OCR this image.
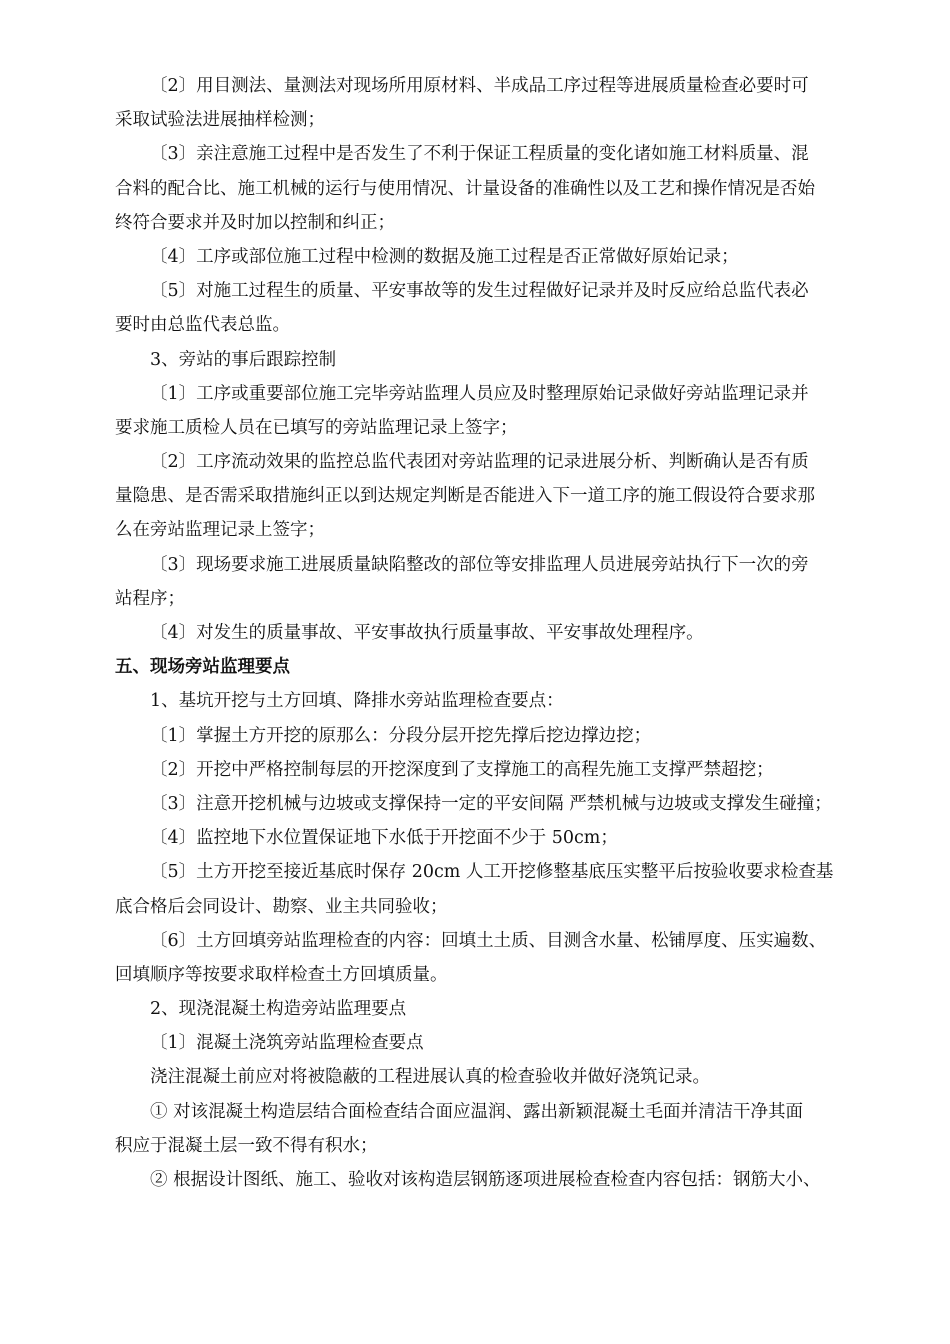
〔2〕用目测法、量测法对现场所用原材料、半成品工序过程等进展质量检查必要时可
采取试验法进展抽样检测；
〔3〕亲注意施工过程中是否发生了不利于保证工程质量的变化诸如施工材料质量、混
合料的配合比、施工机械的运行与使用情况、计量设备的准确性以及工艺和操作情况是否始
终符合要求并及时加以控制和纠正；
〔4〕工序或部位施工过程中检测的数据及施工过程是否正常做好原始记录；
〔5〕对施工过程生的质量、平安事故等的发生过程做好记录并及时反应给总监代表必
要时由总监代表总监。
3、旁站的事后跟踪控制
〔1〕工序或重要部位施工完毕旁站监理人员应及时整理原始记录做好旁站监理记录并
要求施工质检人员在已填写的旁站监理记录上签字；
〔2〕工序流动效果的监控总监代表团对旁站监理的记录进展分析、判断确认是否有质
量隐患、是否需采取措施纠正以到达规定判断是否能进入下一道工序的施工假设符合要求那
么在旁站监理记录上签字；
〔3〕现场要求施工进展质量缺陷整改的部位等安排监理人员进展旁站执行下一次的旁
站程序；
〔4〕对发生的质量事故、平安事故执行质量事故、平安事故处理程序。
五、现场旁站监理要点
1、基坑开挖与土方回填、降排水旁站监理检查要点：
〔1〕掌握土方开挖的原那么：分段分层开挖先撑后挖边撑边挖；
〔2〕开挖中严格控制每层的开挖深度到了支撑施工的高程先施工支撑严禁超挖；
〔3〕注意开挖机械与边坡或支撑保持一定的平安间隔 严禁机械与边坡或支撑发生碰撞；
〔4〕监控地下水位置保证地下水低于开挖面不少于 50cm；
〔5〕土方开挖至接近基底时保存 20cm 人工开挖修整基底压实整平后按验收要求检查基
底合格后会同设计、勘察、业主共同验收；
〔6〕土方回填旁站监理检查的内容：回填土土质、目测含水量、松铺厚度、压实遍数、
回填顺序等按要求取样检查土方回填质量。
2、现浇混凝土构造旁站监理要点
〔1〕混凝土浇筑旁站监理检查要点
浇注混凝土前应对将被隐蔽的工程进展认真的检查验收并做好浇筑记录。
① 对该混凝土构造层结合面检查结合面应温润、露出新颖混凝土毛面并清洁干净其面
积应于混凝土层一致不得有积水；
② 根据设计图纸、施工、验收对该构造层钢筋逐项进展检查检查内容包括：钢筋大小、
